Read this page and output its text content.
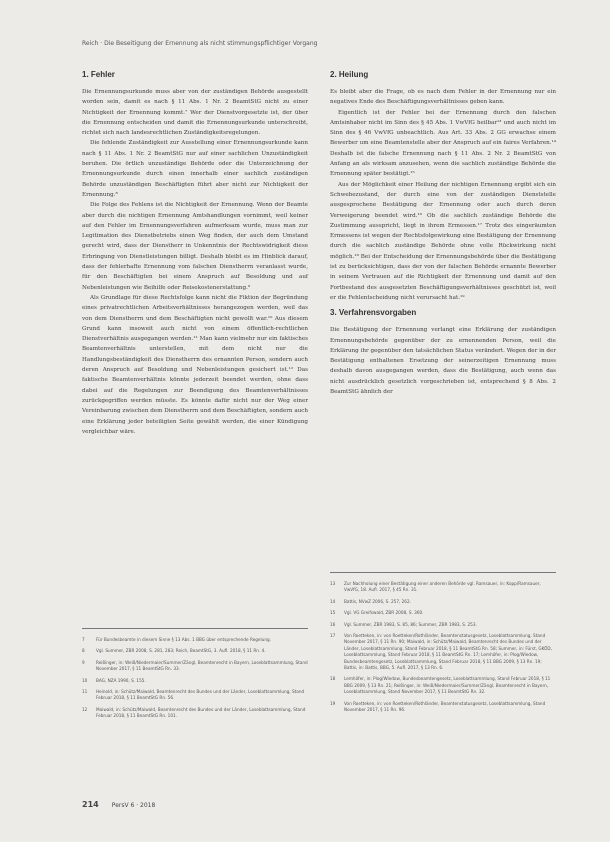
Reich · Die Beseitigung der Ernennung als nicht stimmungspflichtiger Vorgang
1. Fehler

Die Ernennungsurkunde muss aber von der zuständigen Behörde ausgestellt worden sein, damit es nach § 11 Abs. 1 Nr. 2 BeamtStG nicht zu einer Nichtigkeit der Ernennung kommt.⁷ Wer der Dienstvorgesetzte ist, der über die Ernennung entscheiden und damit die Ernennungsurkunde unterschreibt, richtet sich nach landesrechtlichen Zuständigkeitsregelungen.

Die fehlende Zuständigkeit zur Ausstellung einer Ernennungsurkunde kann nach § 11 Abs. 1 Nr. 2 BeamtStG nur auf einer sachlichen Unzuständigkeit beruhen. Die örtlich unzuständige Behörde oder die Unterzeichnung der Ernennungsurkunde durch einen innerhalb einer sachlich zuständigen Behörde unzuständigen Beschäftigten führt aber nicht zur Nichtigkeit der Ernennung.⁸

Die Folge des Fehlens ist die Nichtigkeit der Ernennung. Wenn der Beamte aber durch die nichtigen Ernennung Amtshandlungen vornimmt, weil keiner auf den Fehler im Ernennungsverfahren aufmerksam wurde, muss man zur Legitimation des Dienstbetriebs einen Weg finden, der auch dem Umstand gerecht wird, dass der Dienstherr in Unkenntnis der Rechtswidrigkeit diese Erbringung von Dienstleistungen billigt. Deshalb bleibt es im Hinblick darauf, dass der fehlerhafte Ernennung vom falschen Dienstherrn veranlasst wurde, für den Beschäftigten bei einem Anspruch auf Besoldung und auf Nebenleistungen wie Beihilfe oder Reisekostenerstattung.⁹

Als Grundlage für diese Rechtsfolge kann nicht die Fiktion der Begründung eines privatrechtlichen Arbeitsverhältnisses herangezogen werden, weil das von dem Dienstherrn und dem Beschäftigten nicht gewollt war.¹⁰ Aus diesem Grund kann insoweit auch nicht von einem öffentlich-rechtlichen Dienstverhältnis ausgegangen werden.¹¹ Man kann vielmehr nur ein faktisches Beamtenverhältnis unterstellen, mit dem nicht nur die Handlungsbeständigkeit des Dienstherrn des ernannten Person, sondern auch deren Anspruch auf Besoldung und Nebenleistungen gesichert ist.¹² Das faktische Beamtenverhältnis könnte jederzeit beendet werden, ohne dass dabei auf die Regelungen zur Beendigung des Beamtenverhältnisses zurückgegriffen werden müsste. Es könnte dafür nicht nur der Weg einer Vereinbarung zwischen dem Dienstherrn und dem Beschäftigten, sondern auch eine Erklärung jeder beteiligten Seite gewählt werden, die einer Kündigung vergleichbar wäre.

2. Heilung

Es bleibt aber die Frage, ob es nach dem Fehler in der Ernennung nur ein negatives Ende des Beschäftigungsverhältnisses geben kann.

Eigentlich ist der Fehler bei der Ernennung durch den falschen Amtsinhaber nicht im Sinn des § 45 Abs. 1 VwVfG heilbar¹³ und auch nicht im Sinn des § 46 VwVfG unbeachtlich. Aus Art. 33 Abs. 2 GG erwachse einem Bewerber um eine Beamtenstelle aber der Anspruch auf ein faires Verfahren.¹⁴ Deshalb ist die falsche Ernennung nach § 11 Abs. 2 Nr. 2 BeamtStG von Anfang an als wirksam anzusehen, wenn die sachlich zuständige Behörde die Ernennung später bestätigt.¹⁵

Aus der Möglichkeit einer Heilung der nichtigen Ernennung ergibt sich ein Schwebezustand, der durch eine von der zuständigen Dienststelle ausgesprochene Bestätigung der Ernennung oder auch durch deren Verweigerung beendet wird.¹⁶ Ob die sachlich zuständige Behörde die Zustimmung ausspricht, liegt in ihrem Ermessen.¹⁷ Trotz des eingeräumten Ermessens ist wegen der Rechtsfolgewirkung eine Bestätigung der Ernennung durch die sachlich zuständige Behörde ohne volle Rückwirkung nicht möglich.¹⁸ Bei der Entscheidung der Ernennungsbehörde über die Bestätigung ist zu berücksichtigen, dass der von der falschen Behörde ernannte Bewerber in seinem Vertrauen auf die Richtigkeit der Ernennung und damit auf den Fortbestand des ausgesetzten Beschäftigungsverhältnisses geschützt ist, weil er die Fehlentscheidung nicht verursacht hat.¹⁹

3. Verfahrensvorgaben

Die Bestätigung der Ernennung verlangt eine Erklärung der zuständigen Ernennungsbehörde gegenüber der zu ernennenden Person, weil die Erklärung ihr gegenüber den tatsächlichen Status verändert. Wegen der in der Bestätigung enthaltenen Ersetzung der seinerzeitigen Ernennung muss deshalb davon ausgegangen werden, dass die Bestätigung, auch wenn das nicht ausdrücklich gesetzlich vorgeschrieben ist, entsprechend § 8 Abs. 2 BeamtStG ähnlich der

7	Für Bundesbeamte in diesem Sinne § 13 Abs. 1 BBG über entsprechende Regelung.
8	Vgl. Summer, ZBR 2008, S. 281, 283; Reich, BeamtStG, 3. Aufl. 2018, § 11 Rn. 4.
9	Reißinger, in: Weiß/Niedermaier/Summer/Zängl, Beamtenrecht in Bayern, Loseblattsammlung, Stand November 2017, § 11 BeamtStG Rn. 33.
10	BAG, NZA 1990, S. 155.
11	Heinold, in: Schütz/Maiwald, Beamtenrecht des Bundes und der Länder, Loseblattsammlung, Stand Februar 2018, § 11 BeamtStG Rn. 56.
12	Maiwald, in: Schütz/Maiwald, Beamtenrecht des Bundes und der Länder, Loseblattsammlung, Stand Februar 2018, § 11 BeamtStG Rn. 101.
13	Zur Nachholung einer Bestätigung einer anderen Behörde vgl. Ramsauer, in: Kopp/Ramsauer, VwVfG, 18. Aufl. 2017, § 45 Rn. 31.
14	Battis, NVwZ 2006, S. 257, 262.
15	Vgl. VG Greifswald, ZBR 2008, S. 360.
16	Vgl. Summer, ZBR 1983, S. 85, 86; Summer, ZBR 1983, S. 253.
17	Von Roetteken, in: von Roetteken/Rothländer, Beamtenstatusgesetz, Loseblattsammlung, Stand November 2017, § 11 Rn. 90; Maiwald, in: Schütz/Maiwald, Beamtenrecht des Bundes und der Länder, Loseblattsammlung, Stand Februar 2018, § 11 BeamtStG Rn. 58; Summer, in: Fürst, GKÖD, Loseblattsammlung, Stand Februar 2018, § 11 BeamtStG Rn. 17; Lemhöfer, in: Plog/Wiedow, Bundesbeamtengesetz, Loseblattsammlung, Stand Februar 2018, § 11 BBG 2009, § 13 Rn. 19; Battis, in: Battis, BBG, 5. Aufl. 2017, § 13 Rn. 6.
18	Lemhöfer, in: Plog/Wiedow, Bundesbeamtengesetz, Loseblattsammlung, Stand Februar 2018, § 11 BBG 2009, § 13 Rn. 21; Reißinger, in: Weiß/Niedermaier/Summer/Zängl, Beamtenrecht in Bayern, Loseblattsammlung, Stand November 2017, § 11 BeamtStG Rn. 32.
19	Von Roetteken, in: von Roetteken/Rothländer, Beamtenstatusgesetz, Loseblattsammlung, Stand November 2017, § 11 Rn. 96.
214 PersV 6 · 2018
